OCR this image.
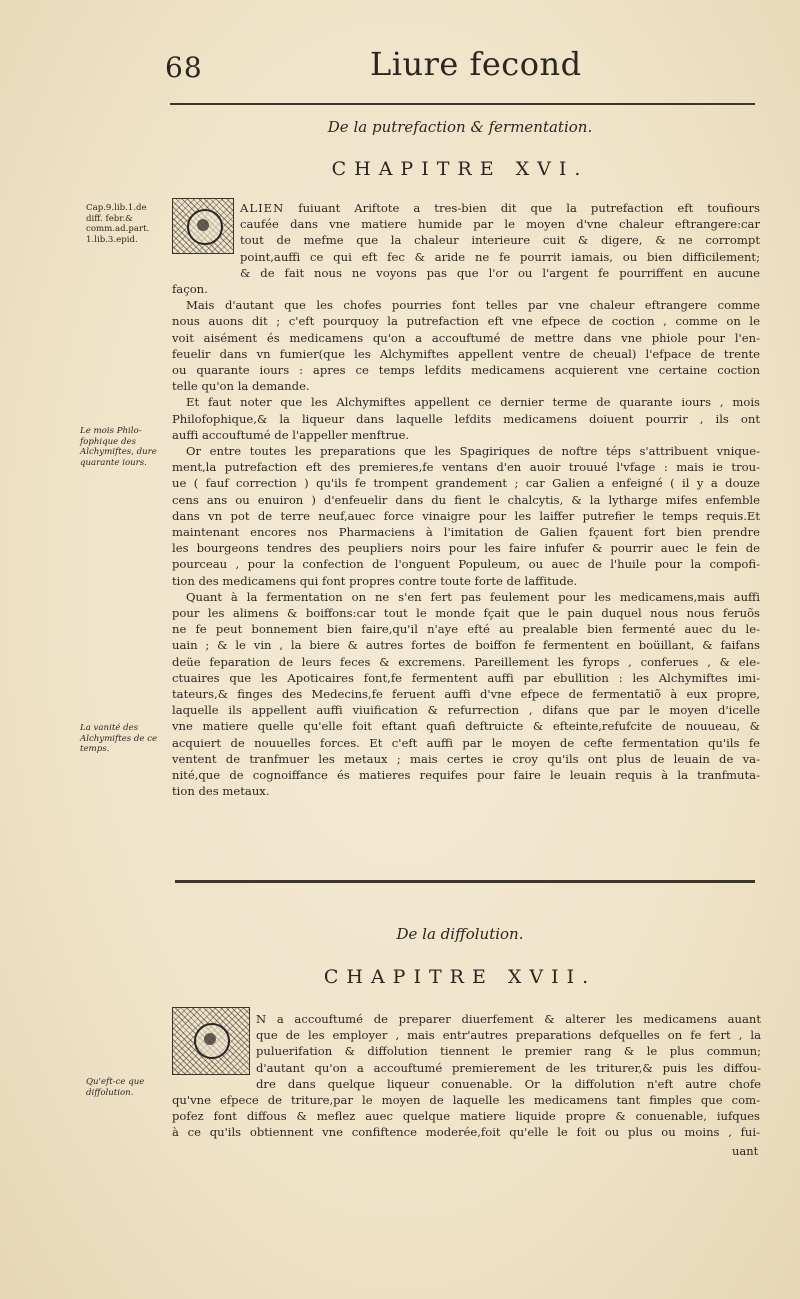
68	Liure fecond
De la putrefaction & fermentation.
CHAPITRE XVI.
Cap.9.lib.1.de diff. febr.& comm.ad.part. 1.lib.3.epid.
ALIEN fuiuant Ariftote a tres-bien dit que la putrefaction eft toufiours
caufée dans vne matiere humide par le moyen d'vne chaleur eftrangere:car
tout de mefme que la chaleur interieure cuit & digere, & ne corrompt
point,auffi ce qui eft fec & aride ne fe pourrit iamais, ou bien difficilement;
& de fait nous ne voyons pas que l'or ou l'argent fe pourriffent en aucune
façon.
Mais d'autant que les chofes pourries font telles par vne chaleur eftrangere comme
nous auons dit ; c'eft pourquoy la putrefaction eft vne efpece de coction , comme on le
voit aisément és medicamens qu'on a accouftumé de mettre dans vne phiole pour l'en-
feuelir dans vn fumier(que les Alchymiftes appellent ventre de cheual) l'efpace de trente
ou quarante iours : apres ce temps lefdits medicamens acquierent vne certaine coction
telle qu'on la demande.
Et faut noter que les Alchymiftes appellent ce dernier terme de quarante iours , mois
Philofophique,& la liqueur dans laquelle lefdits medicamens doiuent pourrir , ils ont
auffi accouftumé de l'appeller menftrue.
Or entre toutes les preparations que les Spagiriques de noftre téps s'attribuent vnique-
ment,la putrefaction eft des premieres,fe ventans d'en auoir trouué l'vfage : mais ie trou-
ue ( fauf correction ) qu'ils fe trompent grandement ; car Galien a enfeigné ( il y a douze
cens ans ou enuiron ) d'enfeuelir dans du fient le chalcytis, & la lytharge mifes enfemble
dans vn pot de terre neuf,auec force vinaigre pour les laiffer putrefier le temps requis.Et
maintenant encores nos Pharmaciens à l'imitation de Galien fçauent fort bien prendre
les bourgeons tendres des peupliers noirs pour les faire infufer & pourrir auec le fein de
pourceau , pour la confection de l'onguent Populeum, ou auec de l'huile pour la compofi-
tion des medicamens qui font propres contre toute forte de laffitude.
Quant à la fermentation on ne s'en fert pas feulement pour les medicamens,mais auffi
pour les alimens & boiffons:car tout le monde fçait que le pain duquel nous nous feruõs
ne fe peut bonnement bien faire,qu'il n'aye efté au prealable bien fermenté auec du le-
uain ; & le vin , la biere & autres fortes de boiffon fe fermentent en boüillant, & faifans
deüe feparation de leurs feces & excremens. Pareillement les fyrops , conferues , & ele-
ctuaires que les Apoticaires font,fe fermentent auffi par ebullition : les Alchymiftes imi-
tateurs,& finges des Medecins,fe feruent auffi d'vne efpece de fermentatiõ à eux propre,
laquelle ils appellent auffi viuification & refurrection , difans que par le moyen d'icelle
vne matiere quelle qu'elle foit eftant quafi deftruicte & efteinte,refufcite de nouueau, &
acquiert de nouuelles forces. Et c'eft auffi par le moyen de cefte fermentation qu'ils fe
ventent de tranfmuer les metaux ; mais certes ie croy qu'ils ont plus de leuain de va-
nité,que de cognoiffance és matieres requifes pour faire le leuain requis à la tranfmuta-
tion des metaux.
Le mois Philo- fophique des Alchymiftes, dure quarante iours.
La vanité des Alchymiftes de ce temps.
De la diffolution.
CHAPITRE XVII.
N a accouftumé de preparer diuerfement & alterer les medicamens auant
que de les employer , mais entr'autres preparations defquelles on fe fert , la
puluerifation & diffolution tiennent le premier rang & le plus commun;
d'autant qu'on a accouftumé premierement de les triturer,& puis les diffou-
dre dans quelque liqueur conuenable. Or la diffolution n'eft autre chofe
Qu'eft-ce que diffolution.
qu'vne efpece de triture,par le moyen de laquelle les medicamens tant fimples que com-
pofez font diffous & meflez auec quelque matiere liquide propre & conuenable, iufques
à ce qu'ils obtiennent vne confiftence moderée,foit qu'elle le foit ou plus ou moins , fui-
uant
